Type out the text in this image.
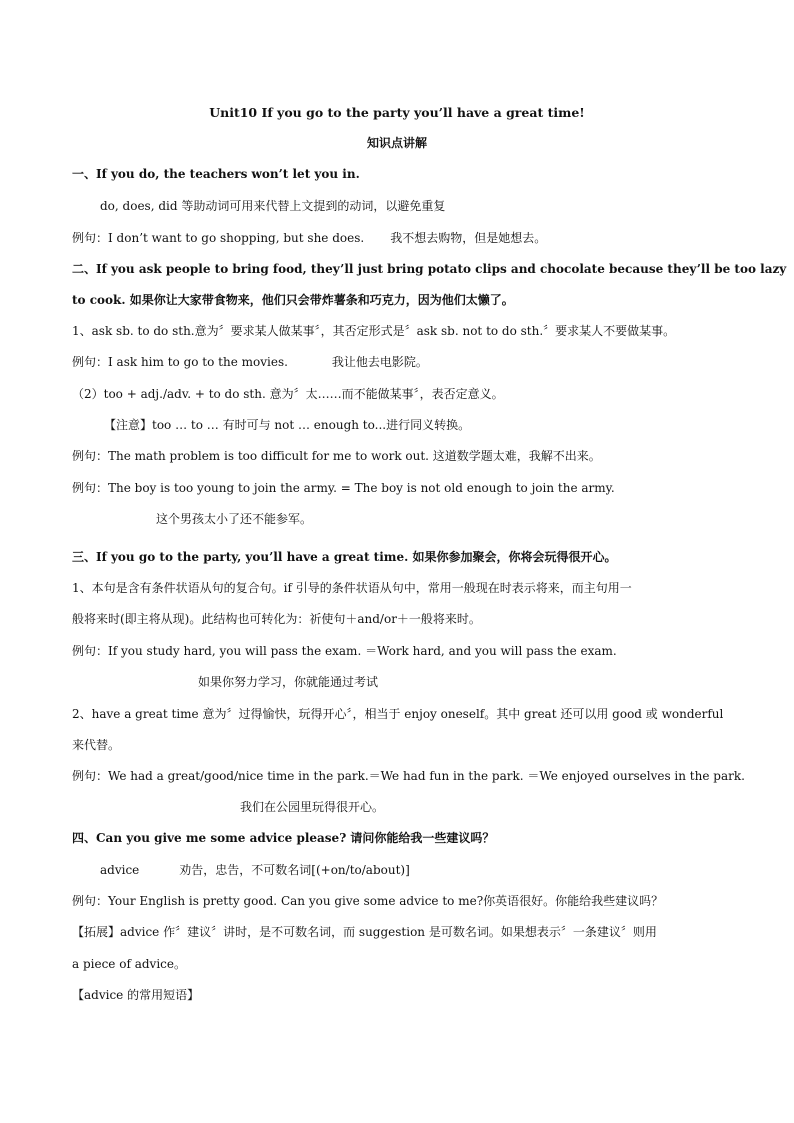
Unit10 If you go to the party you’ll have a great time!
知识点讲解
一、If you do, the teachers won’t let you in.
do, does, did 等助动词可用来代替上文提到的动词，以避免重复
例句：I don’t want to go shopping, but she does. 我不想去购物，但是她想去。
二、If you ask people to bring food, they’ll just bring potato clips and chocolate because they’ll be too lazy
to cook. 如果你让大家带食物来，他们只会带炸薯条和巧克力，因为他们太懒了。
1、ask sb. to do sth.意为〞要求某人做某事〞，其否定形式是〞ask sb. not to do sth.〞要求某人不要做某事。
例句：I ask him to go to the movies.	我让他去电影院。
（2）too + adj./adv. + to do sth. 意为〞太……而不能做某事〞，表否定意义。
【注意】too … to … 有时可与 not … enough to...进行同义转换。
例句：The math problem is too difficult for me to work out. 这道数学题太难，我解不出来。
例句：The boy is too young to join the army. = The boy is not old enough to join the army.
这个男孩太小了还不能参军。
三、If you go to the party, you’ll have a great time. 如果你参加聚会，你将会玩得很开心。
1、本句是含有条件状语从句的复合句。if 引导的条件状语从句中，常用一般现在时表示将来，而主句用一
般将来时(即主将从现)。此结构也可转化为：祈使句＋and/or＋一般将来时。
例句：If you study hard, you will pass the exam. ＝Work hard, and you will pass the exam.
如果你努力学习，你就能通过考试
2、have a great time 意为〞过得愉快，玩得开心〞，相当于 enjoy oneself。其中 great 还可以用 good 或 wonderful
来代替。
例句：We had a great/good/nice time in the park.＝We had fun in the park. ＝We enjoyed ourselves in the park.
我们在公园里玩得很开心。
四、Can you give me some advice please? 请问你能给我一些建议吗？
advice	劝告，忠告，不可数名词[(+on/to/about)]
例句：Your English is pretty good. Can you give some advice to me?你英语很好。你能给我些建议吗？
【拓展】advice 作〞建议〞讲时，是不可数名词，而 suggestion 是可数名词。如果想表示〞一条建议〞则用
a piece of advice。
【advice 的常用短语】
